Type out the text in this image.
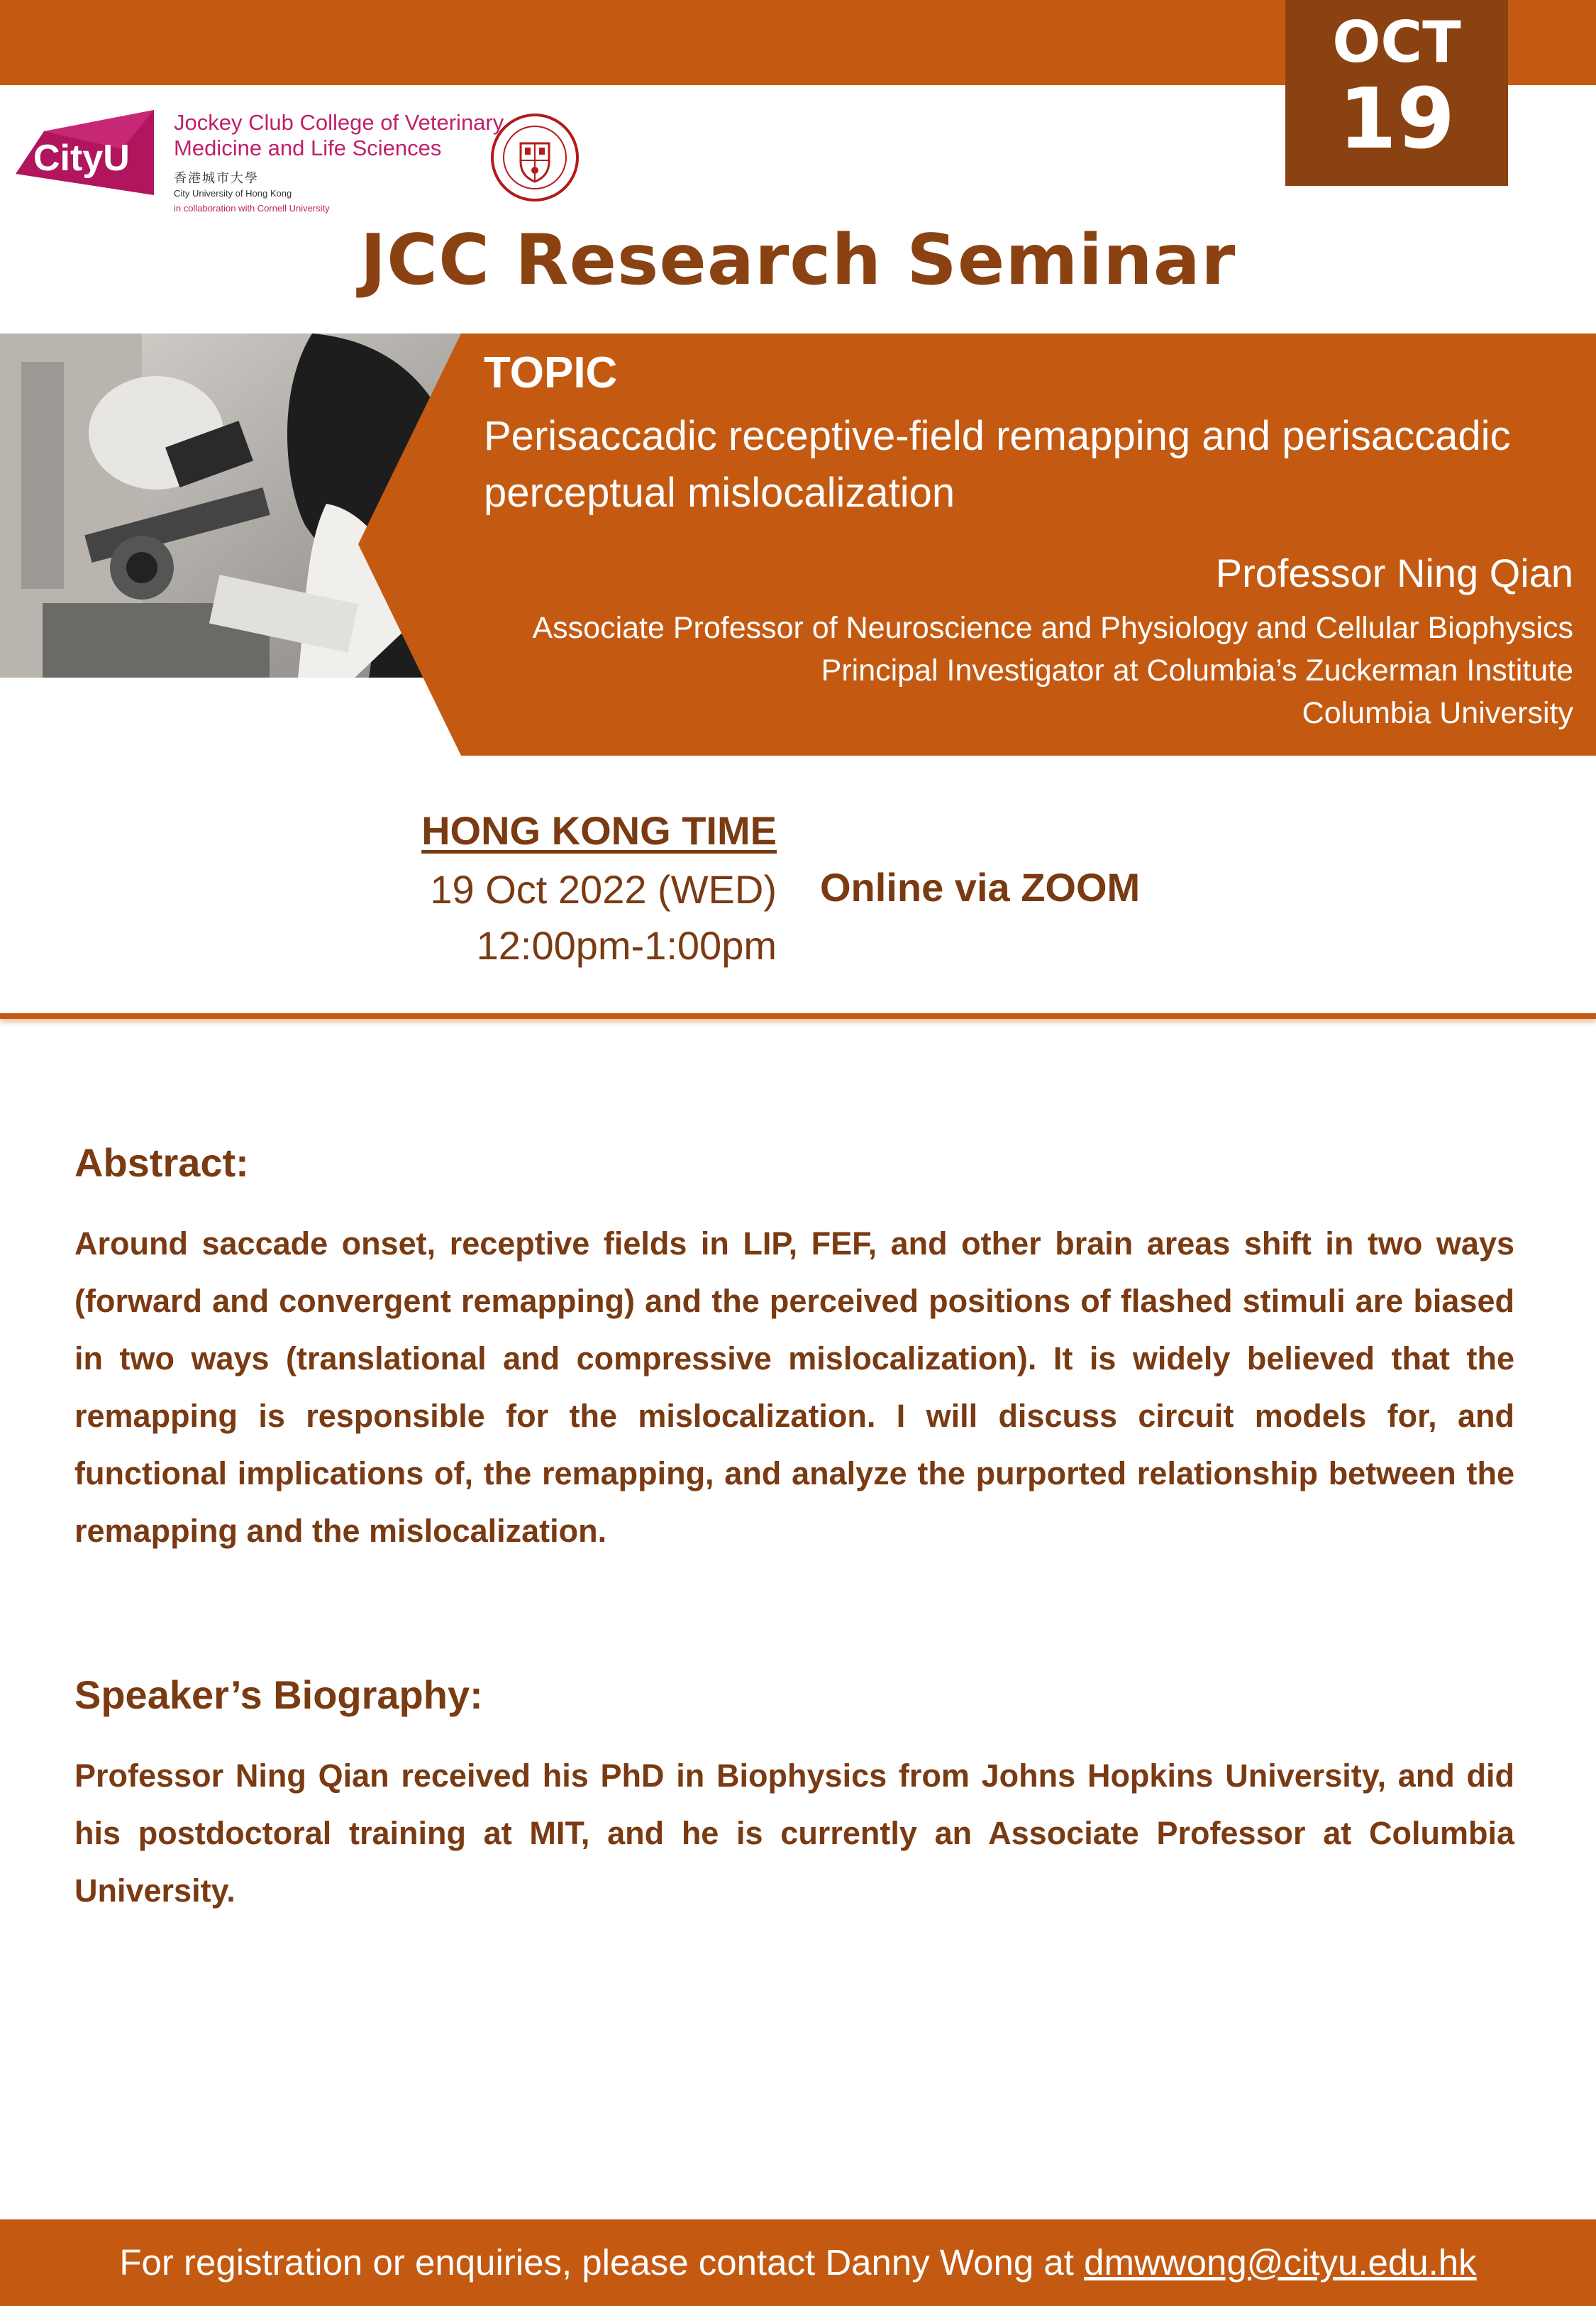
OCT
19
CityU
Jockey Club College of Veterinary
Medicine and Life Sciences
香港城市大學
City University of Hong Kong
in collaboration with Cornell University
JCC Research Seminar
TOPIC
Perisaccadic receptive-field remapping and perisaccadic perceptual mislocalization
Professor Ning Qian
Associate Professor of Neuroscience and Physiology and Cellular Biophysics
Principal Investigator at Columbia’s Zuckerman Institute
Columbia University
HONG KONG TIME
19 Oct 2022 (WED)
12:00pm-1:00pm
Online via ZOOM
Abstract:
Around saccade onset, receptive fields in LIP, FEF, and other brain areas shift in two ways (forward and convergent remapping) and the perceived positions of flashed stimuli are biased in two ways (translational and compressive mislocalization). It is widely believed that the remapping is responsible for the mislocalization. I will discuss circuit models for, and functional implications of, the remapping, and analyze the purported relationship between the remapping and the mislocalization.
Speaker’s Biography:
Professor Ning Qian received his PhD in Biophysics from Johns Hopkins University, and did his postdoctoral training at MIT, and he is currently an Associate Professor at Columbia University.
For registration or enquiries, please contact Danny Wong at dmwwong@cityu.edu.hk
